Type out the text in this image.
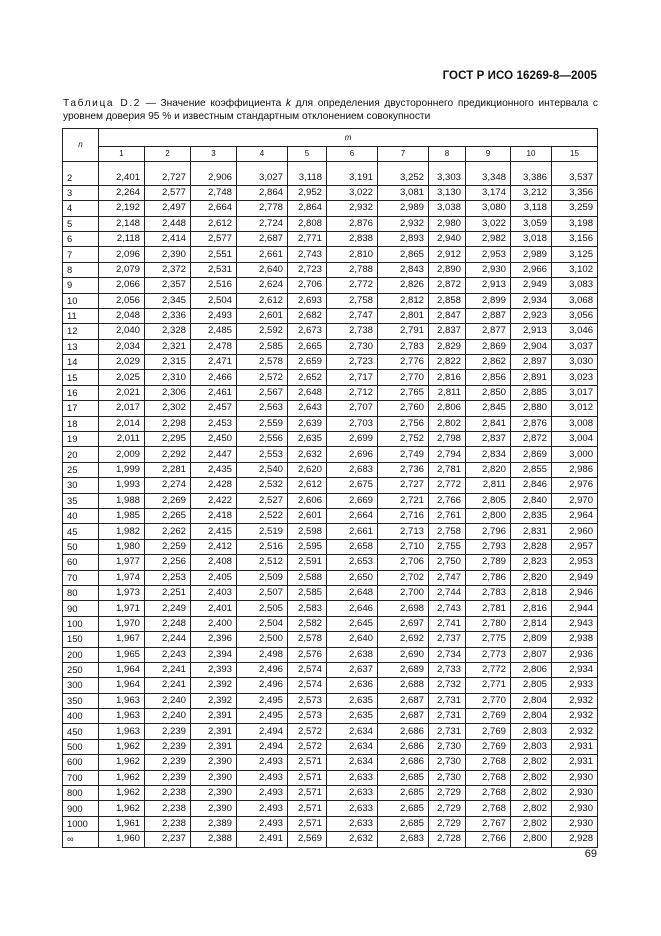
ГОСТ Р ИСО 16269-8—2005
Таблица D.2 — Значение коэффициента k для определения двустороннего предикционного интервала с уровнем доверия 95 % и известным стандартным отклонением совокупности
n	m										
	1	2	3	4	5	6	7	8	9	10	15

2	2,401	2,727	2,906	3,027	3,118	3,191	3,252	3,303	3,348	3,386	3,537
3	2,264	2,577	2,748	2,864	2,952	3,022	3,081	3,130	3,174	3,212	3,356
4	2,192	2,497	2,664	2,778	2,864	2,932	2,989	3,038	3,080	3,118	3,259
5	2,148	2,448	2,612	2,724	2,808	2,876	2,932	2,980	3,022	3,059	3,198
6	2,118	2,414	2,577	2,687	2,771	2,838	2,893	2,940	2,982	3,018	3,156
7	2,096	2,390	2,551	2,661	2,743	2,810	2,865	2,912	2,953	2,989	3,125
8	2,079	2,372	2,531	2,640	2,723	2,788	2,843	2,890	2,930	2,966	3,102
9	2,066	2,357	2,516	2,624	2,706	2,772	2,826	2,872	2,913	2,949	3,083
10	2,056	2,345	2,504	2,612	2,693	2,758	2,812	2,858	2,899	2,934	3,068
11	2,048	2,336	2,493	2,601	2,682	2,747	2,801	2,847	2,887	2,923	3,056
12	2,040	2,328	2,485	2,592	2,673	2,738	2,791	2,837	2,877	2,913	3,046
13	2,034	2,321	2,478	2,585	2,665	2,730	2,783	2,829	2,869	2,904	3,037
14	2,029	2,315	2,471	2,578	2,659	2,723	2,776	2,822	2,862	2,897	3,030
15	2,025	2,310	2,466	2,572	2,652	2,717	2,770	2,816	2,856	2,891	3,023
16	2,021	2,306	2,461	2,567	2,648	2,712	2,765	2,811	2,850	2,885	3,017
17	2,017	2,302	2,457	2,563	2,643	2,707	2,760	2,806	2,845	2,880	3,012
18	2,014	2,298	2,453	2,559	2,639	2,703	2,756	2,802	2,841	2,876	3,008
19	2,011	2,295	2,450	2,556	2,635	2,699	2,752	2,798	2,837	2,872	3,004
20	2,009	2,292	2,447	2,553	2,632	2,696	2,749	2,794	2,834	2,869	3,000
25	1,999	2,281	2,435	2,540	2,620	2,683	2,736	2,781	2,820	2,855	2,986
30	1,993	2,274	2,428	2,532	2,612	2,675	2,727	2,772	2,811	2,846	2,976
35	1,988	2,269	2,422	2,527	2,606	2,669	2,721	2,766	2,805	2,840	2,970
40	1,985	2,265	2,418	2,522	2,601	2,664	2,716	2,761	2,800	2,835	2,964
45	1,982	2,262	2,415	2,519	2,598	2,661	2,713	2,758	2,796	2,831	2,960
50	1,980	2,259	2,412	2,516	2,595	2,658	2,710	2,755	2,793	2,828	2,957
60	1,977	2,256	2,408	2,512	2,591	2,653	2,706	2,750	2,789	2,823	2,953
70	1,974	2,253	2,405	2,509	2,588	2,650	2,702	2,747	2,786	2,820	2,949
80	1,973	2,251	2,403	2,507	2,585	2,648	2,700	2,744	2,783	2,818	2,946
90	1,971	2,249	2,401	2,505	2,583	2,646	2,698	2,743	2,781	2,816	2,944
100	1,970	2,248	2,400	2,504	2,582	2,645	2,697	2,741	2,780	2,814	2,943
150	1,967	2,244	2,396	2,500	2,578	2,640	2,692	2,737	2,775	2,809	2,938
200	1,965	2,243	2,394	2,498	2,576	2,638	2,690	2,734	2,773	2,807	2,936
250	1,964	2,241	2,393	2,496	2,574	2,637	2,689	2,733	2,772	2,806	2,934
300	1,964	2,241	2,392	2,496	2,574	2,636	2,688	2,732	2,771	2,805	2,933
350	1,963	2,240	2,392	2,495	2,573	2,635	2,687	2,731	2,770	2,804	2,932
400	1,963	2,240	2,391	2,495	2,573	2,635	2,687	2,731	2,769	2,804	2,932
450	1,963	2,239	2,391	2,494	2,572	2,634	2,686	2,731	2,769	2,803	2,932
500	1,962	2,239	2,391	2,494	2,572	2,634	2,686	2,730	2,769	2,803	2,931
600	1,962	2,239	2,390	2,493	2,571	2,634	2,686	2,730	2,768	2,802	2,931
700	1,962	2,239	2,390	2,493	2,571	2,633	2,685	2,730	2,768	2,802	2,930
800	1,962	2,238	2,390	2,493	2,571	2,633	2,685	2,729	2,768	2,802	2,930
900	1,962	2,238	2,390	2,493	2,571	2,633	2,685	2,729	2,768	2,802	2,930
1000	1,961	2,238	2,389	2,493	2,571	2,633	2,685	2,729	2,767	2,802	2,930
∞	1,960	2,237	2,388	2,491	2,569	2,632	2,683	2,728	2,766	2,800	2,928
69
